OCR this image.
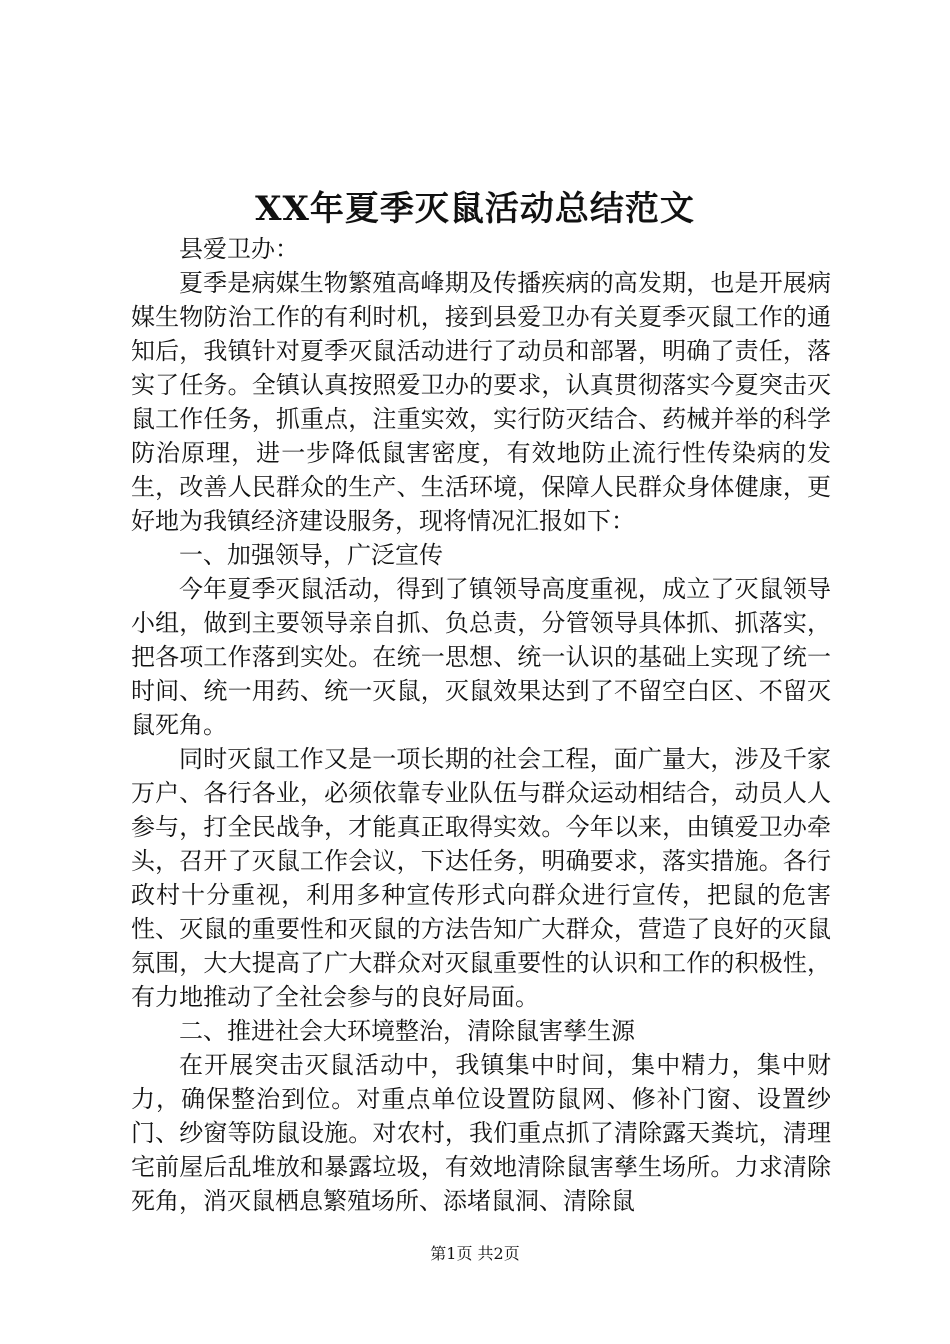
XX年夏季灭鼠活动总结范文

县爱卫办：

夏季是病媒生物繁殖高峰期及传播疾病的高发期，也是开展病媒生物防治工作的有利时机，接到县爱卫办有关夏季灭鼠工作的通知后，我镇针对夏季灭鼠活动进行了动员和部署，明确了责任，落实了任务。全镇认真按照爱卫办的要求，认真贯彻落实今夏突击灭鼠工作任务，抓重点，注重实效，实行防灭结合、药械并举的科学防治原理，进一步降低鼠害密度，有效地防止流行性传染病的发生，改善人民群众的生产、生活环境，保障人民群众身体健康，更好地为我镇经济建设服务，现将情况汇报如下：

一、加强领导，广泛宣传

今年夏季灭鼠活动，得到了镇领导高度重视，成立了灭鼠领导小组，做到主要领导亲自抓、负总责，分管领导具体抓、抓落实，把各项工作落到实处。在统一思想、统一认识的基础上实现了统一时间、统一用药、统一灭鼠，灭鼠效果达到了不留空白区、不留灭鼠死角。

同时灭鼠工作又是一项长期的社会工程，面广量大，涉及千家万户、各行各业，必须依靠专业队伍与群众运动相结合，动员人人参与，打全民战争，才能真正取得实效。今年以来，由镇爱卫办牵头，召开了灭鼠工作会议，下达任务，明确要求，落实措施。各行政村十分重视，利用多种宣传形式向群众进行宣传，把鼠的危害性、灭鼠的重要性和灭鼠的方法告知广大群众，营造了良好的灭鼠氛围，大大提高了广大群众对灭鼠重要性的认识和工作的积极性，有力地推动了全社会参与的良好局面。

二、推进社会大环境整治，清除鼠害孳生源

在开展突击灭鼠活动中，我镇集中时间，集中精力，集中财力，确保整治到位。对重点单位设置防鼠网、修补门窗、设置纱门、纱窗等防鼠设施。对农村，我们重点抓了清除露天粪坑，清理宅前屋后乱堆放和暴露垃圾，有效地清除鼠害孳生场所。力求清除死角，消灭鼠栖息繁殖场所、添堵鼠洞、清除鼠

第1页 共2页
